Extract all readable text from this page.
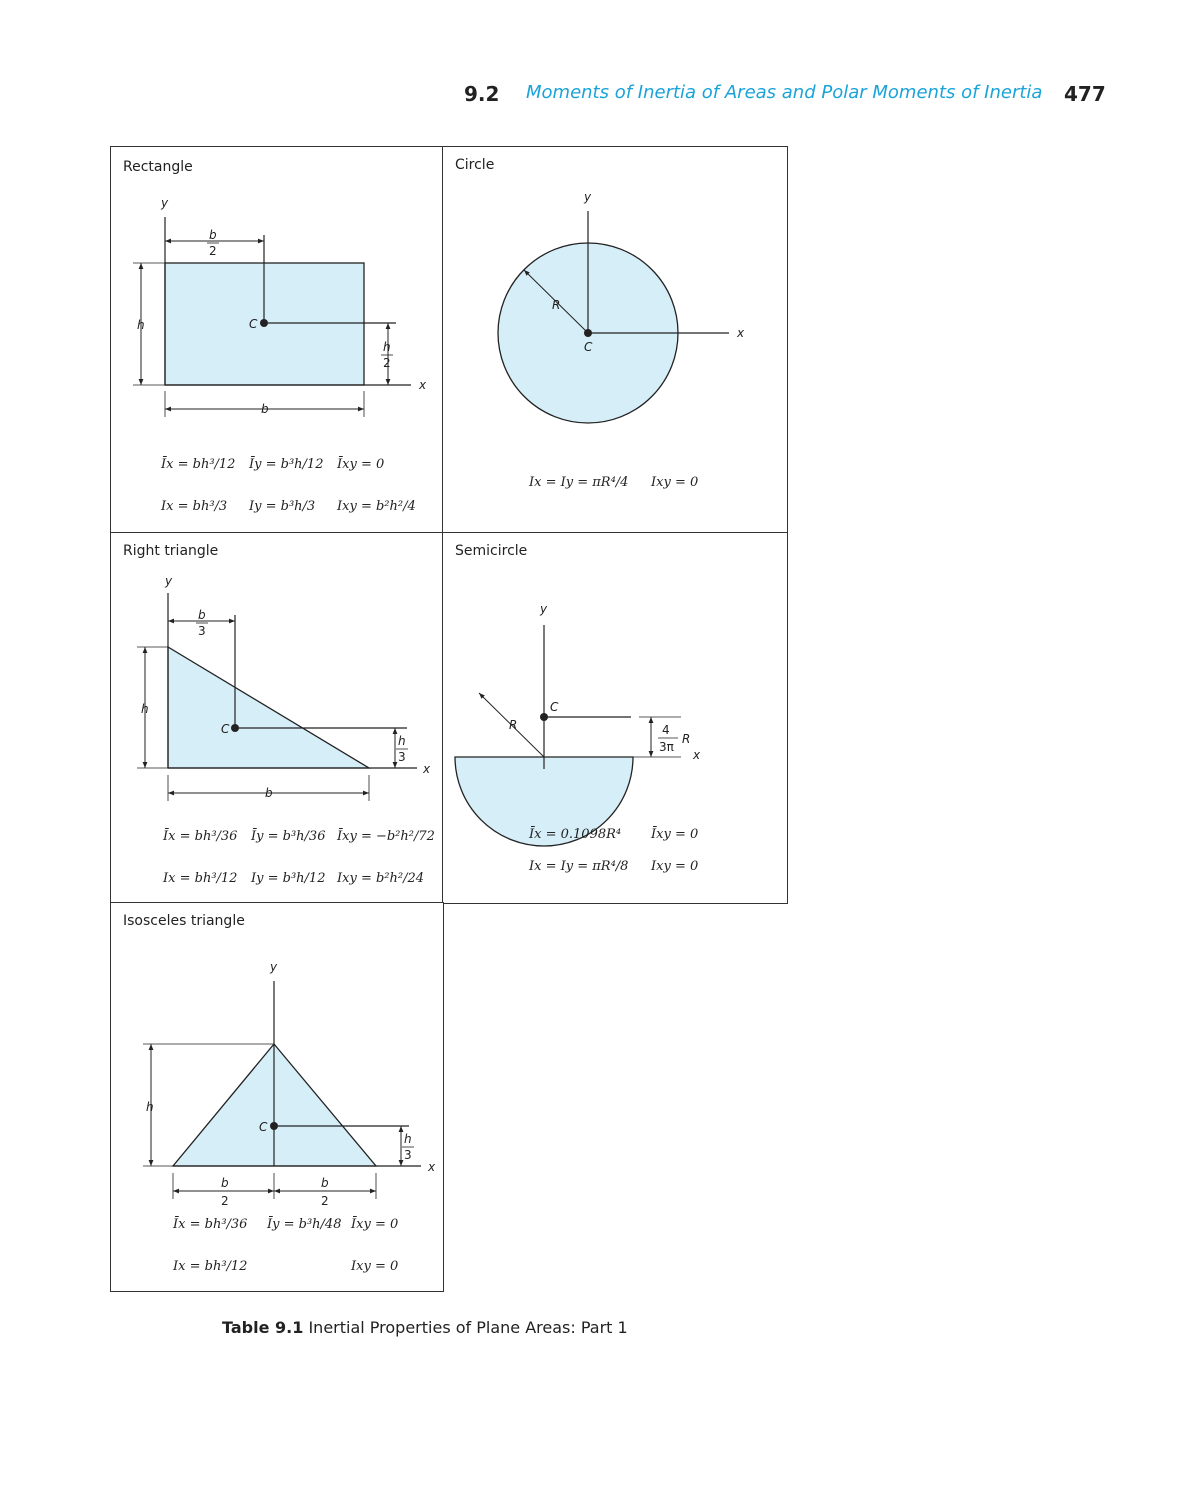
9.2 Moments of Inertia of Areas and Polar Moments of Inertia 477
Rectangle
y
x
b
2
C
h
h
2
b
Īx = bh³/12 Īy = b³h/12 Īxy = 0
Ix = bh³/3 Iy = b³h/3 Ixy = b²h²/4
Circle
y
x
R
C
Ix = Iy = πR⁴/4 Ixy = 0
Right triangle
y
x
b
3
C
h
h
3
b
Īx = bh³/36 Īy = b³h/36 Īxy = −b²h²/72
Ix = bh³/12 Iy = b³h/12 Ixy = b²h²/24
Semicircle
y
C
R	4
3π
R
x
Īx = 0.1098R⁴ Īxy = 0
Ix = Iy = πR⁴/8 Ixy = 0
Isosceles triangle
y
x
h
C
h
3
b
2
b
2
Īx = bh³/36 Īy = b³h/48 Īxy = 0
Ix = bh³/12	Ixy = 0
Table 9.1 Inertial Properties of Plane Areas: Part 1
